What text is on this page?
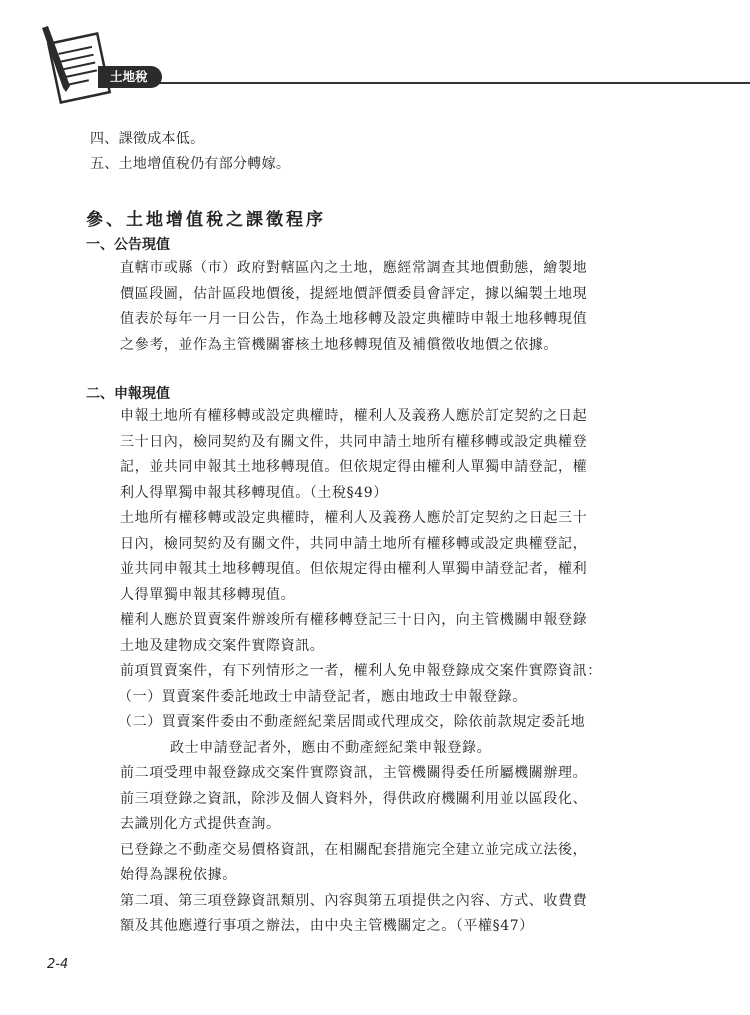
土地稅
四、課徵成本低。
五、土地增值稅仍有部分轉嫁。
參、土地增值稅之課徵程序
一、公告現值
直轄市或縣（市）政府對轄區內之土地，應經常調查其地價動態，繪製地
價區段圖，估計區段地價後，提經地價評價委員會評定，據以編製土地現
值表於每年一月一日公告，作為土地移轉及設定典權時申報土地移轉現值
之參考，並作為主管機關審核土地移轉現值及補償徵收地價之依據。
二、申報現值
申報土地所有權移轉或設定典權時，權利人及義務人應於訂定契約之日起
三十日內，檢同契約及有關文件，共同申請土地所有權移轉或設定典權登
記，並共同申報其土地移轉現值。但依規定得由權利人單獨申請登記，權
利人得單獨申報其移轉現值。（土稅§49）
土地所有權移轉或設定典權時，權利人及義務人應於訂定契約之日起三十
日內，檢同契約及有關文件，共同申請土地所有權移轉或設定典權登記，
並共同申報其土地移轉現值。但依規定得由權利人單獨申請登記者，權利
人得單獨申報其移轉現值。
權利人應於買賣案件辦竣所有權移轉登記三十日內，向主管機關申報登錄
土地及建物成交案件實際資訊。
前項買賣案件，有下列情形之一者，權利人免申報登錄成交案件實際資訊：
（一）買賣案件委託地政士申請登記者，應由地政士申報登錄。
（二）買賣案件委由不動產經紀業居間或代理成交，除依前款規定委託地
政士申請登記者外，應由不動產經紀業申報登錄。
前二項受理申報登錄成交案件實際資訊，主管機關得委任所屬機關辦理。
前三項登錄之資訊，除涉及個人資料外，得供政府機關利用並以區段化、
去識別化方式提供查詢。
已登錄之不動產交易價格資訊，在相關配套措施完全建立並完成立法後，
始得為課稅依據。
第二項、第三項登錄資訊類別、內容與第五項提供之內容、方式、收費費
額及其他應遵行事項之辦法，由中央主管機關定之。（平權§47）
2-4
